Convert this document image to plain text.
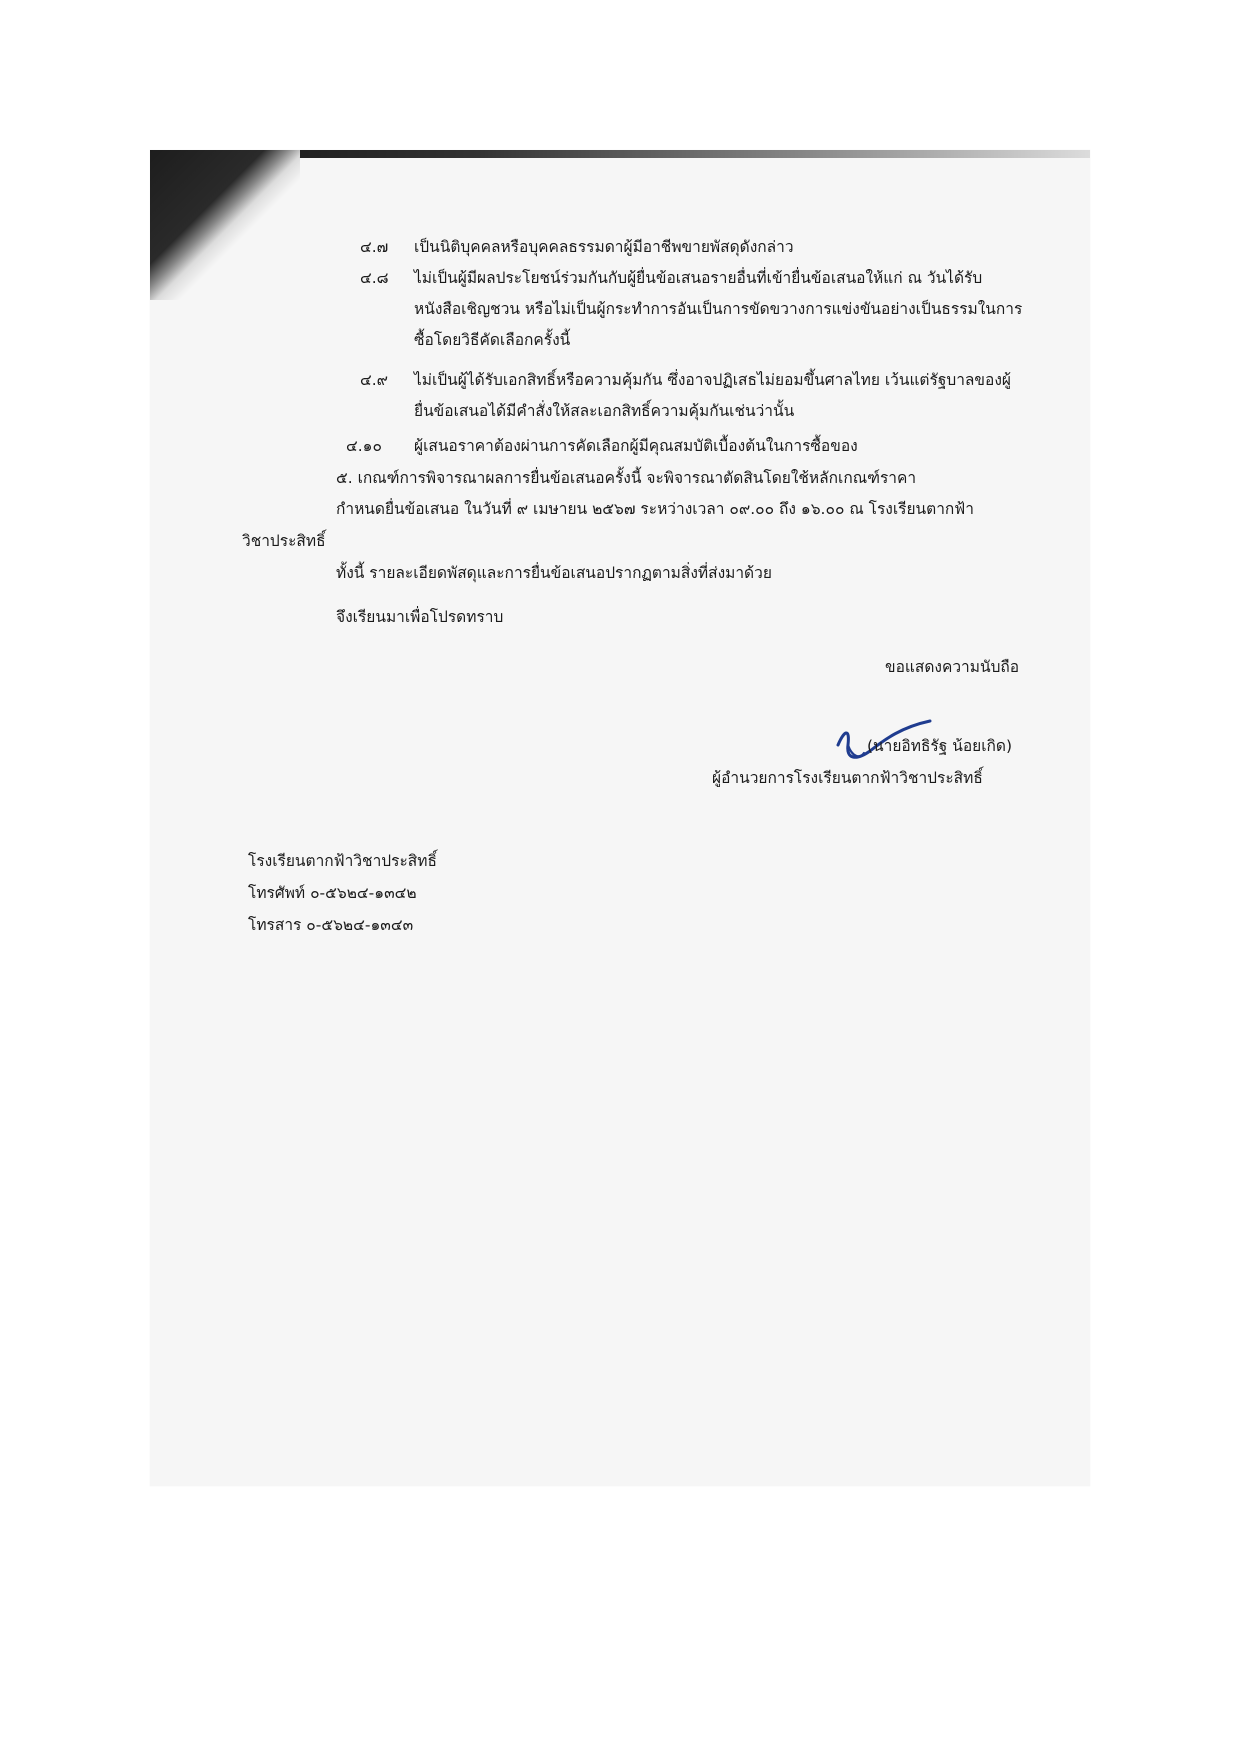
๔.๗ เป็นนิติบุคคลหรือบุคคลธรรมดาผู้มีอาชีพขายพัสดุดังกล่าว
๔.๘ ไม่เป็นผู้มีผลประโยชน์ร่วมกันกับผู้ยื่นข้อเสนอรายอื่นที่เข้ายื่นข้อเสนอให้แก่ ณ วันได้รับ
หนังสือเชิญชวน หรือไม่เป็นผู้กระทำการอันเป็นการขัดขวางการแข่งขันอย่างเป็นธรรมในการ
ซื้อโดยวิธีคัดเลือกครั้งนี้
๔.๙ ไม่เป็นผู้ได้รับเอกสิทธิ์หรือความคุ้มกัน ซึ่งอาจปฏิเสธไม่ยอมขึ้นศาลไทย เว้นแต่รัฐบาลของผู้
ยื่นข้อเสนอได้มีคำสั่งให้สละเอกสิทธิ์ความคุ้มกันเช่นว่านั้น
๔.๑๐ ผู้เสนอราคาต้องผ่านการคัดเลือกผู้มีคุณสมบัติเบื้องต้นในการซื้อของ
๕. เกณฑ์การพิจารณาผลการยื่นข้อเสนอครั้งนี้ จะพิจารณาตัดสินโดยใช้หลักเกณฑ์ราคา
กำหนดยื่นข้อเสนอ ในวันที่ ๙ เมษายน ๒๕๖๗ ระหว่างเวลา ๐๙.๐๐ ถึง ๑๖.๐๐ ณ โรงเรียนตากฟ้า
วิชาประสิทธิ์
ทั้งนี้ รายละเอียดพัสดุและการยื่นข้อเสนอปรากฏตามสิ่งที่ส่งมาด้วย
จึงเรียนมาเพื่อโปรดทราบ
ขอแสดงความนับถือ
(นายอิทธิรัฐ น้อยเกิด)
ผู้อำนวยการโรงเรียนตากฟ้าวิชาประสิทธิ์
โรงเรียนตากฟ้าวิชาประสิทธิ์
โทรศัพท์ ๐-๕๖๒๔-๑๓๔๒
โทรสาร ๐-๕๖๒๔-๑๓๔๓
